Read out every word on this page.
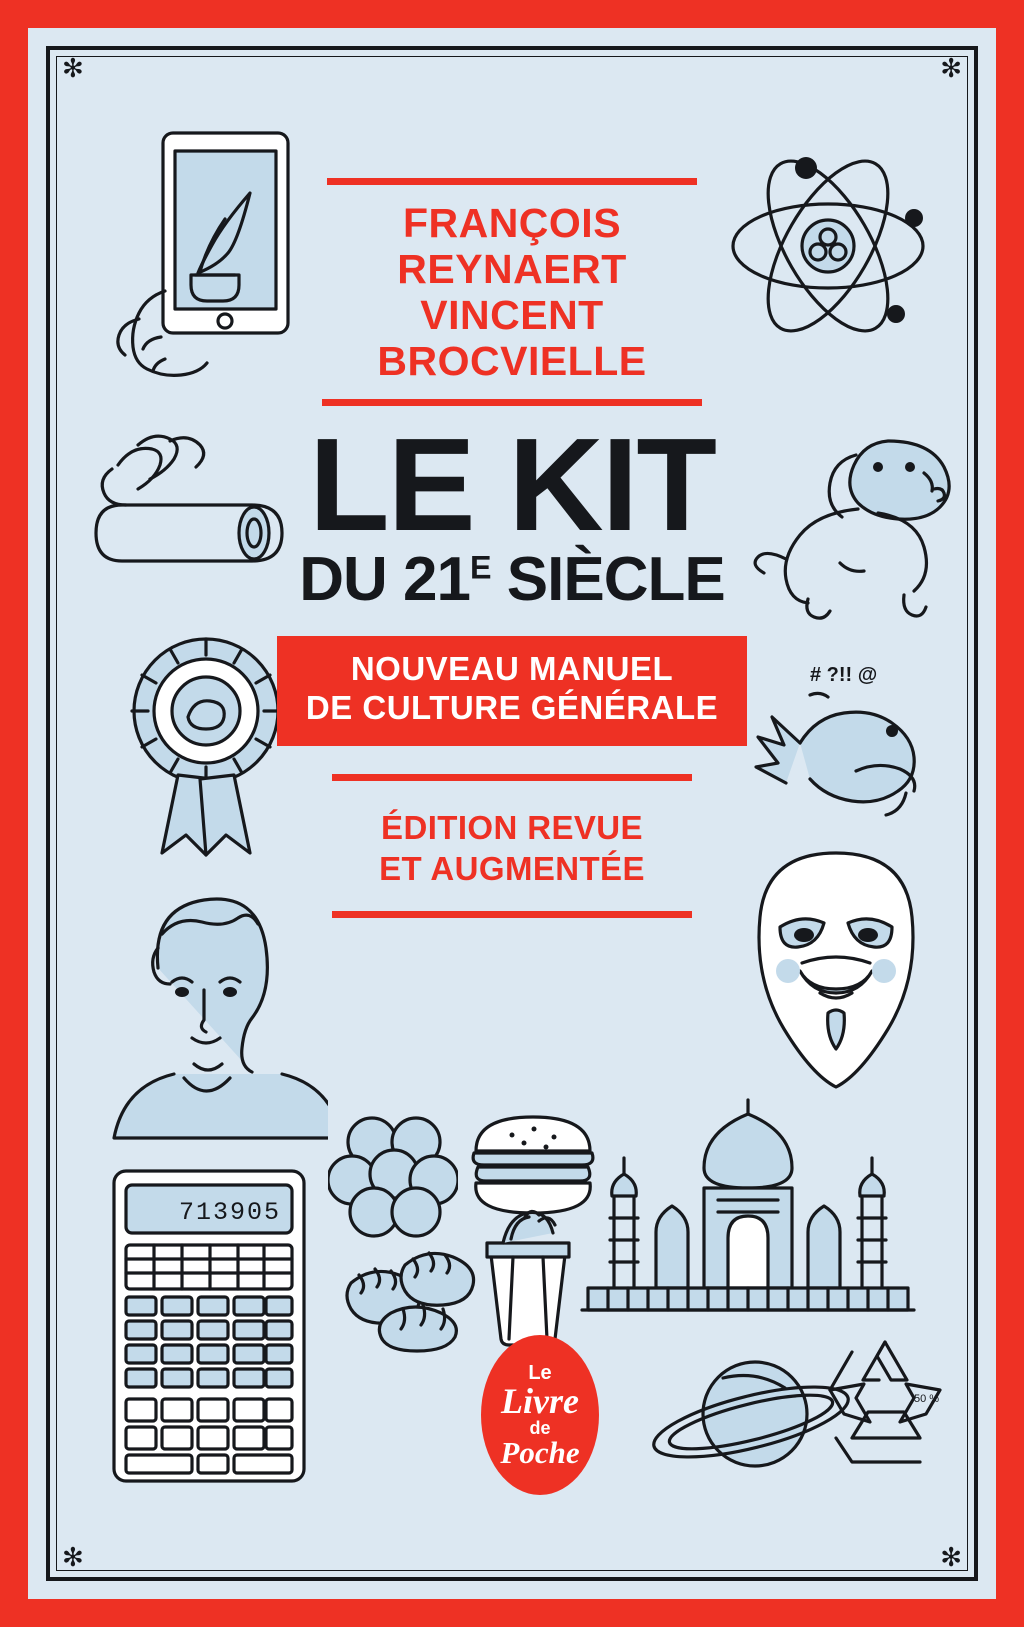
✻	✻
✻	✻
# ?!! @
713905
50 %
FRANÇOIS REYNAERT
VINCENT BROCVIELLE
LE KIT
DU $21^E$ SIÈCLE
NOUVEAU MANUEL
DE CULTURE GÉNÉRALE
ÉDITION REVUE
ET AUGMENTÉE
Le
Livre
de
Poche
